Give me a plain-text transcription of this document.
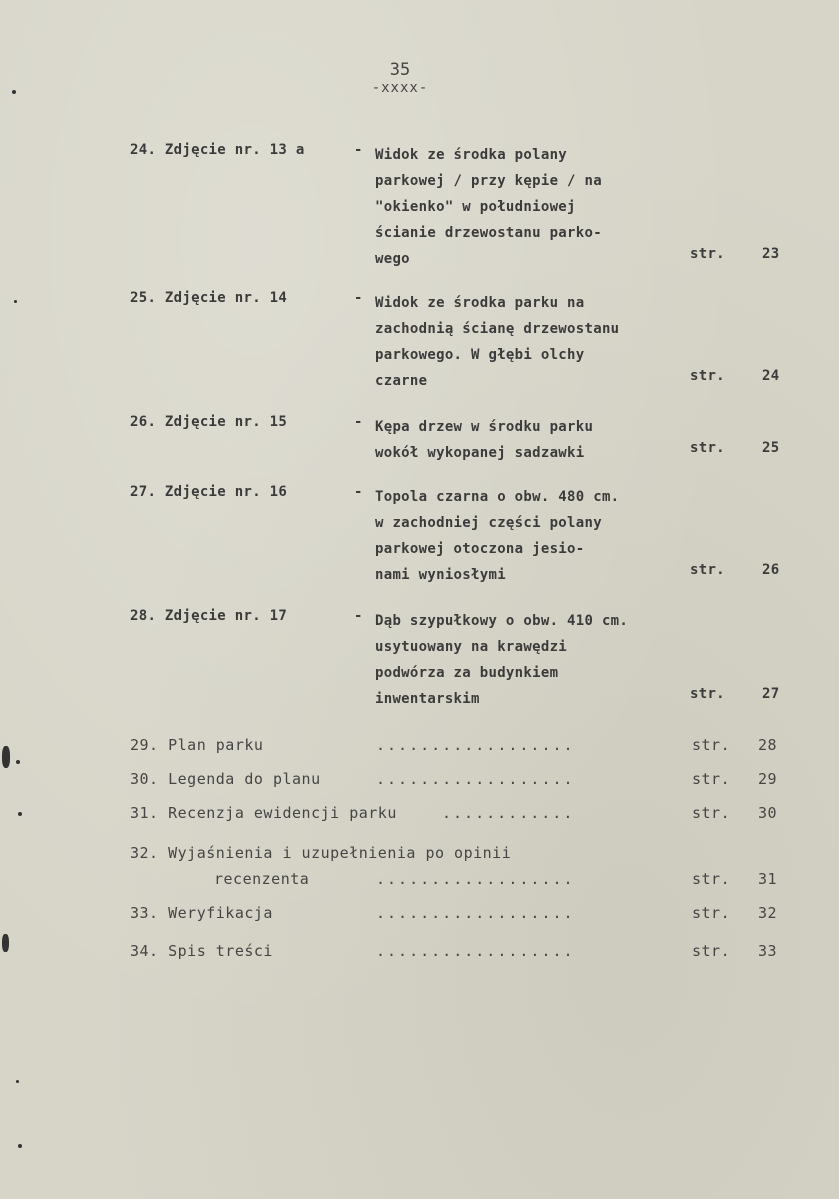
35
-xxxx-
24. Zdjęcie nr. 13 a	- Widok ze środka polany
parkowej / przy kępie / na
"okienko" w południowej
ścianie drzewostanu parko-
wego	str.	23
25. Zdjęcie nr. 14	- Widok ze środka parku na
zachodnią ścianę drzewostanu
parkowego. W głębi olchy
czarne	str.	24
26. Zdjęcie nr. 15	- Kępa drzew w środku parku
wokół wykopanej sadzawki	str.	25
27. Zdjęcie nr. 16	- Topola czarna o obw. 480 cm.
w zachodniej części polany
parkowej otoczona jesio-
nami wyniosłymi	str.	26
28. Zdjęcie nr. 17	- Dąb szypułkowy o obw. 410 cm.
usytuowany na krawędzi
podwórza za budynkiem
inwentarskim	str.	27
29. Plan parku	..................	str. 28
30. Legenda do planu	..................	str. 29
31. Recenzja ewidencji parku	............	str. 30
32. Wyjaśnienia i uzupełnienia po opinii
recenzenta	..................	str. 31
33. Weryfikacja	..................	str. 32
34. Spis treści	..................	str. 33
